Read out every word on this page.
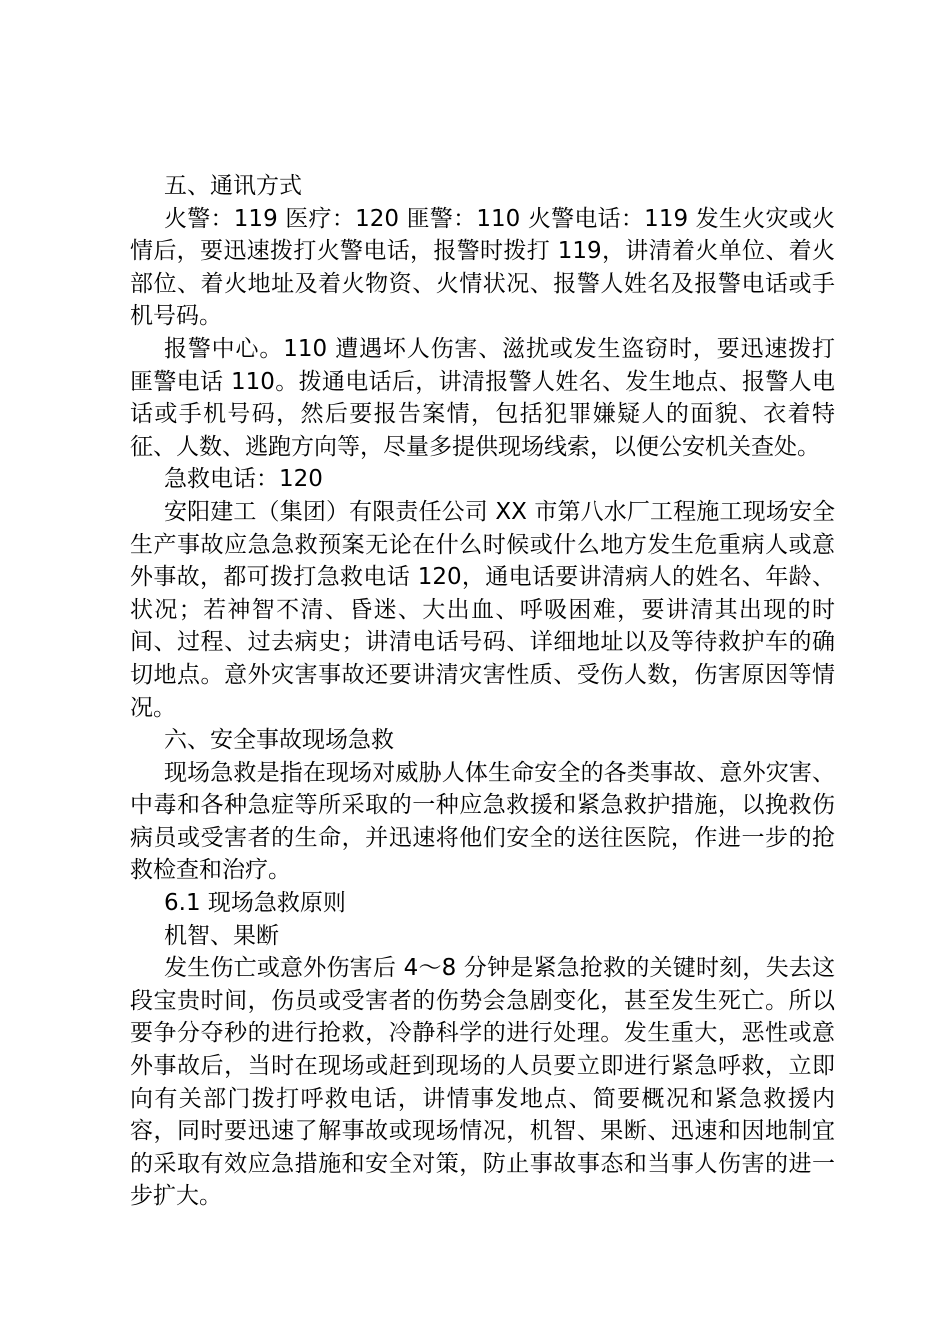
五、通讯方式

火警：119 医疗：120 匪警：110 火警电话：119 发生火灾或火情后，要迅速拨打火警电话，报警时拨打 119，讲清着火单位、着火部位、着火地址及着火物资、火情状况、报警人姓名及报警电话或手机号码。

报警中心。110 遭遇坏人伤害、滋扰或发生盗窃时，要迅速拨打匪警电话 110。拨通电话后，讲清报警人姓名、发生地点、报警人电话或手机号码，然后要报告案情，包括犯罪嫌疑人的面貌、衣着特征、人数、逃跑方向等，尽量多提供现场线索，以便公安机关查处。

急救电话：120

安阳建工（集团）有限责任公司 XX 市第八水厂工程施工现场安全生产事故应急急救预案无论在什么时候或什么地方发生危重病人或意外事故，都可拨打急救电话 120，通电话要讲清病人的姓名、年龄、状况；若神智不清、昏迷、大出血、呼吸困难，要讲清其出现的时间、过程、过去病史；讲清电话号码、详细地址以及等待救护车的确切地点。意外灾害事故还要讲清灾害性质、受伤人数，伤害原因等情况。

六、安全事故现场急救

现场急救是指在现场对威胁人体生命安全的各类事故、意外灾害、中毒和各种急症等所采取的一种应急救援和紧急救护措施，以挽救伤病员或受害者的生命，并迅速将他们安全的送往医院，作进一步的抢救检查和治疗。

6.1 现场急救原则

机智、果断

发生伤亡或意外伤害后 4～8 分钟是紧急抢救的关键时刻，失去这段宝贵时间，伤员或受害者的伤势会急剧变化，甚至发生死亡。所以要争分夺秒的进行抢救，冷静科学的进行处理。发生重大，恶性或意外事故后，当时在现场或赶到现场的人员要立即进行紧急呼救，立即向有关部门拨打呼救电话，讲情事发地点、简要概况和紧急救援内容，同时要迅速了解事故或现场情况，机智、果断、迅速和因地制宜的采取有效应急措施和安全对策，防止事故事态和当事人伤害的进一步扩大。
